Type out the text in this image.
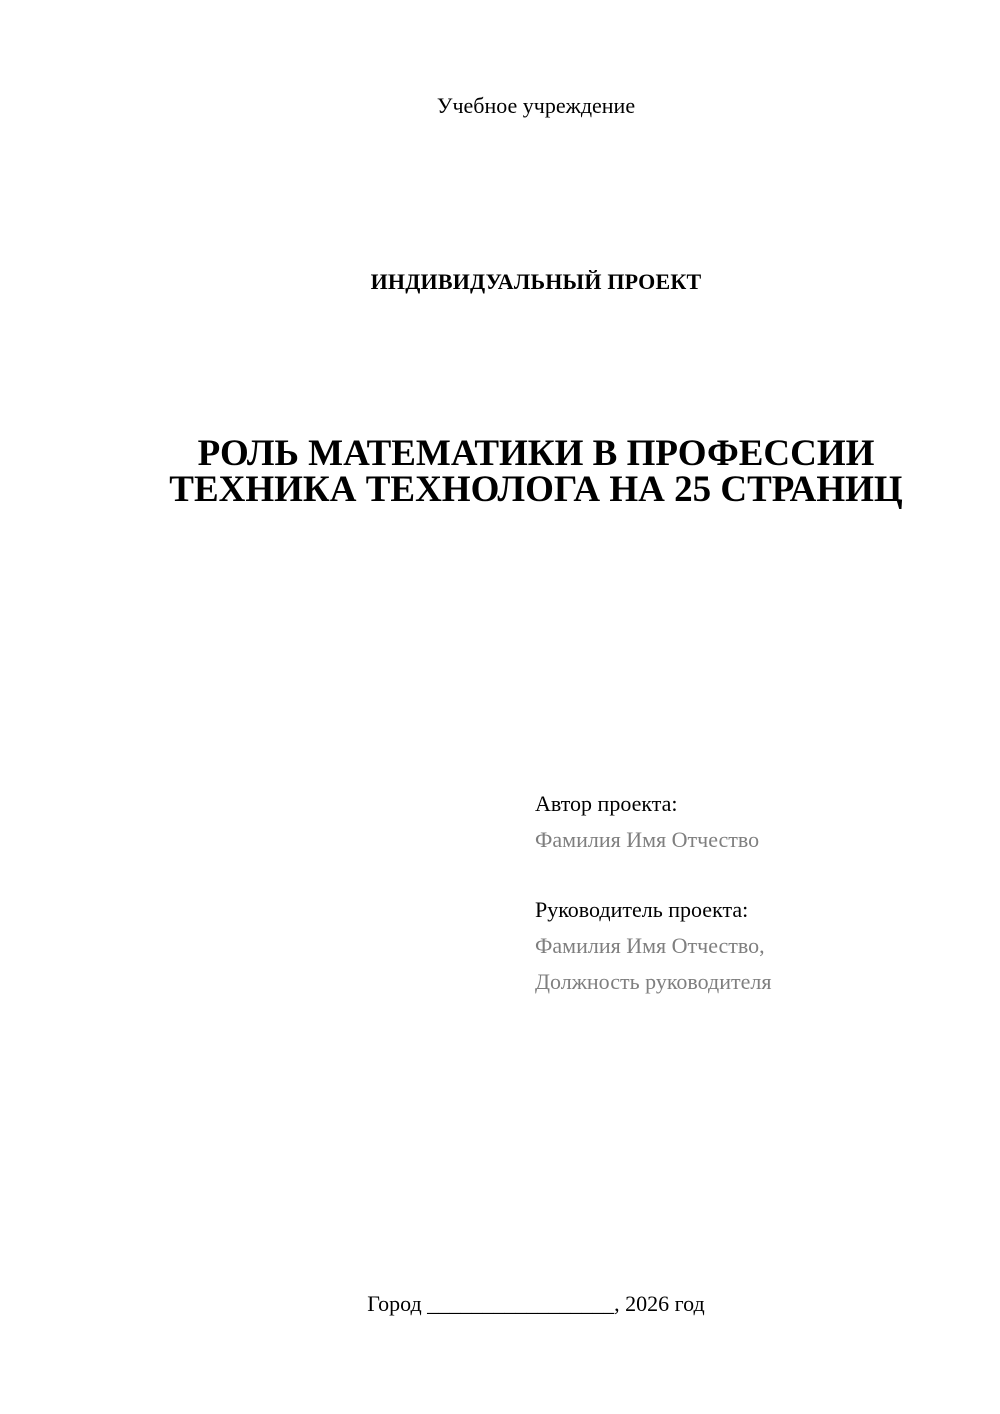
Учебное учреждение
ИНДИВИДУАЛЬНЫЙ ПРОЕКТ
РОЛЬ МАТЕМАТИКИ В ПРОФЕССИИ
ТЕХНИКА ТЕХНОЛОГА НА 25 СТРАНИЦ
Автор проекта:
Фамилия Имя Отчество
Руководитель проекта:
Фамилия Имя Отчество,
Должность руководителя
Город _________________, 2026 год
